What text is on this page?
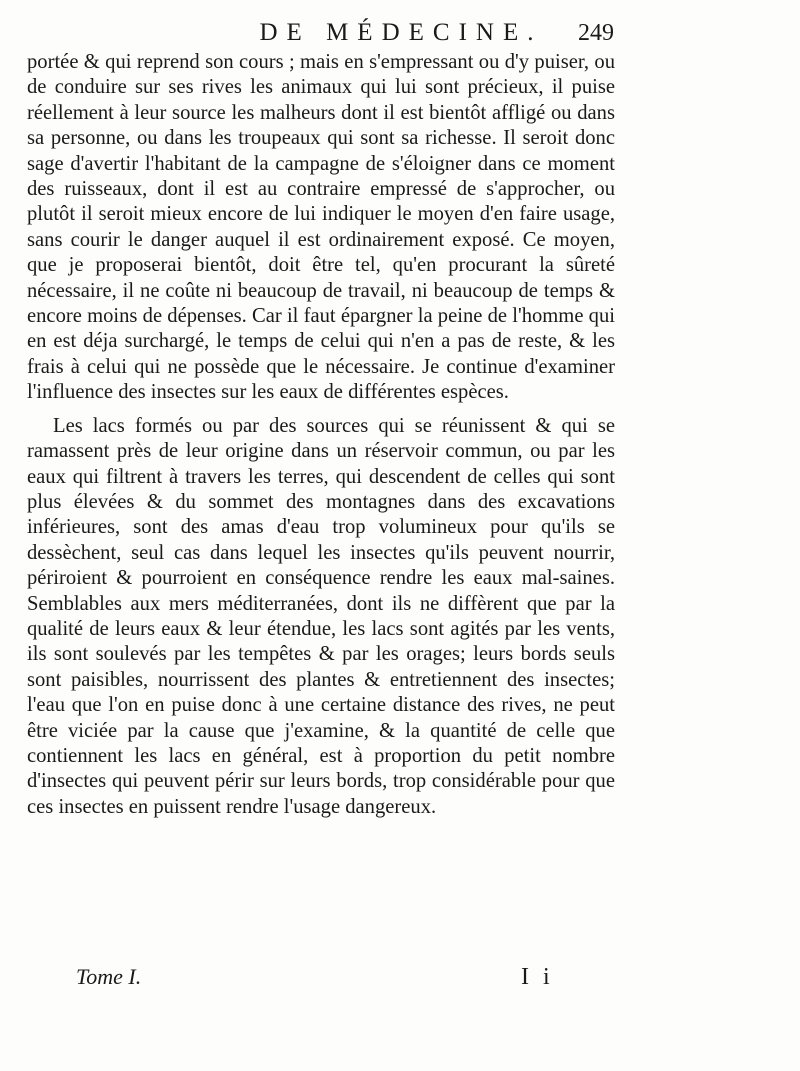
DE MÉDECINE.	249

portée & qui reprend son cours ; mais en s'empressant ou d'y puiser, ou de conduire sur ses rives les animaux qui lui sont précieux, il puise réellement à leur source les malheurs dont il est bientôt affligé ou dans sa personne, ou dans les troupeaux qui sont sa richesse. Il seroit donc sage d'avertir l'habitant de la campagne de s'éloigner dans ce moment des ruisseaux, dont il est au contraire empressé de s'approcher, ou plutôt il seroit mieux encore de lui indiquer le moyen d'en faire usage, sans courir le danger auquel il est ordinairement exposé. Ce moyen, que je proposerai bientôt, doit être tel, qu'en procurant la sûreté nécessaire, il ne coûte ni beaucoup de travail, ni beaucoup de temps & encore moins de dépenses. Car il faut épargner la peine de l'homme qui en est déja surchargé, le temps de celui qui n'en a pas de reste, & les frais à celui qui ne possède que le nécessaire. Je continue d'examiner l'influence des insectes sur les eaux de différentes espèces.

Les lacs formés ou par des sources qui se réunissent & qui se ramassent près de leur origine dans un réservoir commun, ou par les eaux qui filtrent à travers les terres, qui descendent de celles qui sont plus élevées & du sommet des montagnes dans des excavations inférieures, sont des amas d'eau trop volumineux pour qu'ils se dessèchent, seul cas dans lequel les insectes qu'ils peuvent nourrir, périroient & pourroient en conséquence rendre les eaux mal-saines. Semblables aux mers méditerranées, dont ils ne diffèrent que par la qualité de leurs eaux & leur étendue, les lacs sont agités par les vents, ils sont soulevés par les tempêtes & par les orages; leurs bords seuls sont paisibles, nourrissent des plantes & entretiennent des insectes; l'eau que l'on en puise donc à une certaine distance des rives, ne peut être viciée par la cause que j'examine, & la quantité de celle que contiennent les lacs en général, est à proportion du petit nombre d'insectes qui peuvent périr sur leurs bords, trop considérable pour que ces insectes en puissent rendre l'usage dangereux.

Tome I.	I i
